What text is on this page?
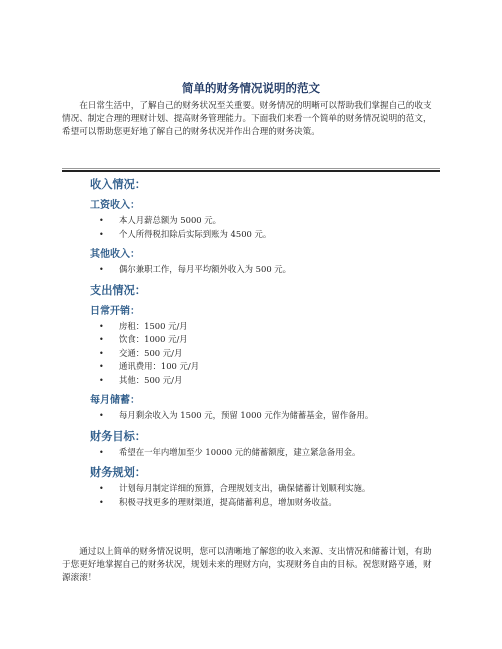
简单的财务情况说明的范文

在日常生活中，了解自己的财务状况至关重要。财务情况的明晰可以帮助我们掌握自己的收支情况、制定合理的理财计划、提高财务管理能力。下面我们来看一个简单的财务情况说明的范文，希望可以帮助您更好地了解自己的财务状况并作出合理的财务决策。

收入情况：
工资收入：
• 本人月薪总额为 5000 元。
• 个人所得税扣除后实际到账为 4500 元。
其他收入：
• 偶尔兼职工作，每月平均额外收入为 500 元。
支出情况：
日常开销：
• 房租：1500 元/月
• 饮食：1000 元/月
• 交通：500 元/月
• 通讯费用：100 元/月
• 其他：500 元/月
每月储蓄：
• 每月剩余收入为 1500 元，预留 1000 元作为储蓄基金，留作备用。
财务目标：
• 希望在一年内增加至少 10000 元的储蓄额度，建立紧急备用金。
财务规划：
• 计划每月制定详细的预算，合理规划支出，确保储蓄计划顺利实施。
• 积极寻找更多的理财渠道，提高储蓄利息，增加财务收益。

通过以上简单的财务情况说明，您可以清晰地了解您的收入来源、支出情况和储蓄计划，有助于您更好地掌握自己的财务状况，规划未来的理财方向，实现财务自由的目标。祝您财路亨通，财源滚滚！
